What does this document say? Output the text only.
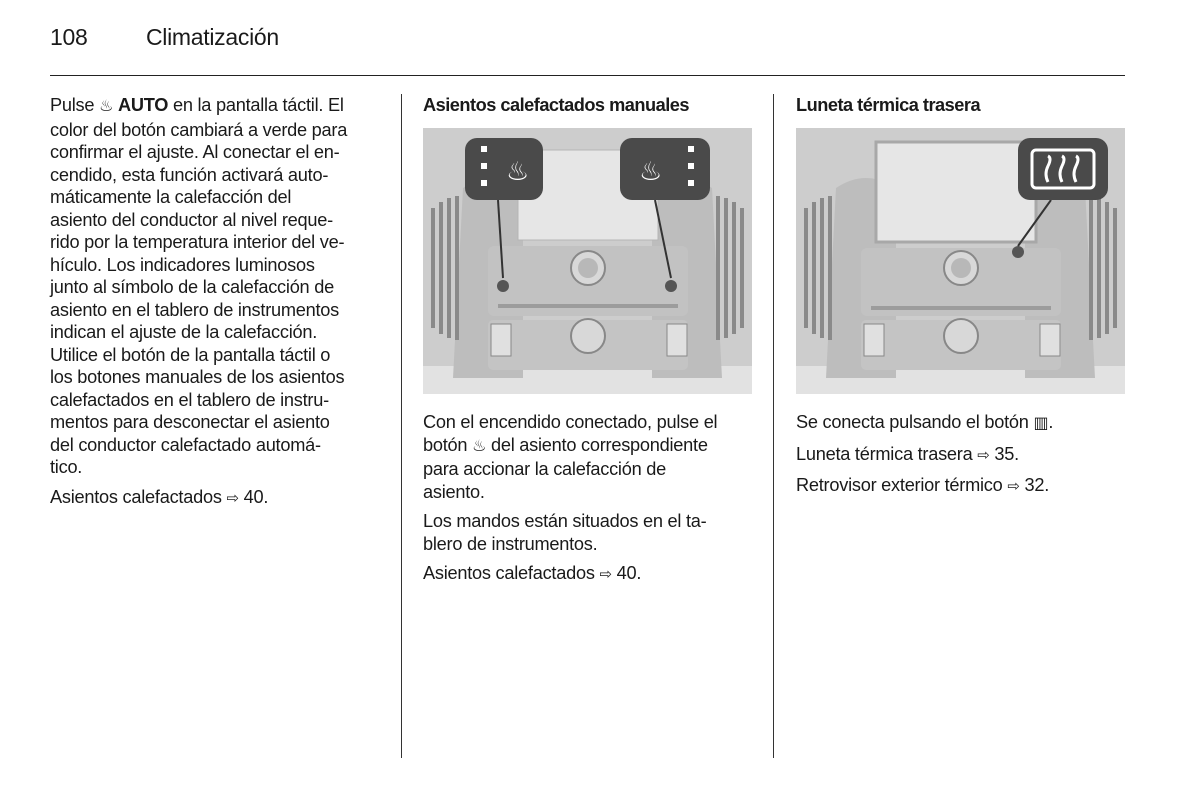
108	Climatización

Pulse ♨ AUTO en la pantalla táctil. El
color del botón cambiará a verde para
confirmar el ajuste. Al conectar el en-
cendido, esta función activará auto-
máticamente la calefacción del
asiento del conductor al nivel reque-
rido por la temperatura interior del ve-
hículo. Los indicadores luminosos
junto al símbolo de la calefacción de
asiento en el tablero de instrumentos
indican el ajuste de la calefacción.
Utilice el botón de la pantalla táctil o
los botones manuales de los asientos
calefactados en el tablero de instru-
mentos para desconectar el asiento
del conductor calefactado automá-
tico.

Asientos calefactados ⇨ 40.

Asientos calefactados manuales
♨	♨

Con el encendido conectado, pulse el
botón ♨ del asiento correspondiente
para accionar la calefacción de
asiento.

Los mandos están situados en el ta-
blero de instrumentos.

Asientos calefactados ⇨ 40.

Luneta térmica trasera

Se conecta pulsando el botón ▥.

Luneta térmica trasera ⇨ 35.

Retrovisor exterior térmico ⇨ 32.
